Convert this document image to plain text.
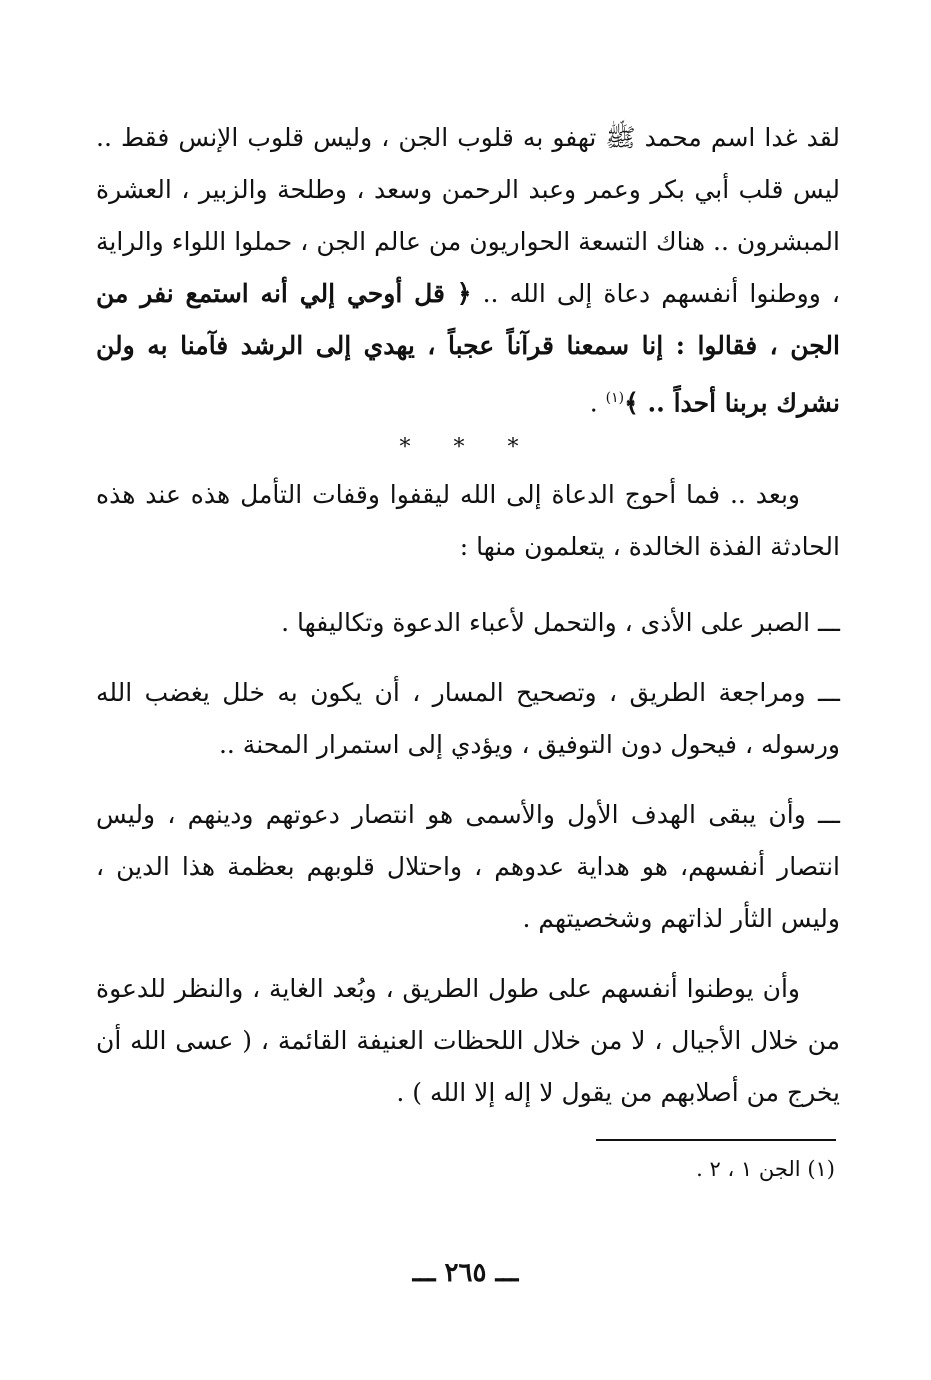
لقد غدا اسم محمد ﷺ تهفو به قلوب الجن ، وليس قلوب الإنس فقط .. ليس قلب أبي بكر وعمر وعبد الرحمن وسعد ، وطلحة والزبير ، العشرة المبشرون .. هناك التسعة الحواريون من عالم الجن ، حملوا اللواء والراية ، ووطنوا أنفسهم دعاة إلى الله .. ﴿ قل أوحي إلي أنه استمع نفر من الجن ، فقالوا : إنا سمعنا قرآناً عجباً ، يهدي إلى الرشد فآمنا به ولن نشرك بربنا أحداً .. ﴾$^{(١)}$ .

* * *

وبعد .. فما أحوج الدعاة إلى الله ليقفوا وقفات التأمل هذه عند هذه الحادثة الفذة الخالدة ، يتعلمون منها :

ـــ الصبر على الأذى ، والتحمل لأعباء الدعوة وتكاليفها .

ـــ ومراجعة الطريق ، وتصحيح المسار ، أن يكون به خلل يغضب الله ورسوله ، فيحول دون التوفيق ، ويؤدي إلى استمرار المحنة ..

ـــ وأن يبقى الهدف الأول والأسمى هو انتصار دعوتهم ودينهم ، وليس انتصار أنفسهم، هو هداية عدوهم ، واحتلال قلوبهم بعظمة هذا الدين ، وليس الثأر لذاتهم وشخصيتهم .

وأن يوطنوا أنفسهم على طول الطريق ، وبُعد الغاية ، والنظر للدعوة من خلال الأجيال ، لا من خلال اللحظات العنيفة القائمة ، ( عسى الله أن يخرج من أصلابهم من يقول لا إله إلا الله ) .

(١) الجن ١ ، ٢ .
ـــ ٢٦٥ ـــ
